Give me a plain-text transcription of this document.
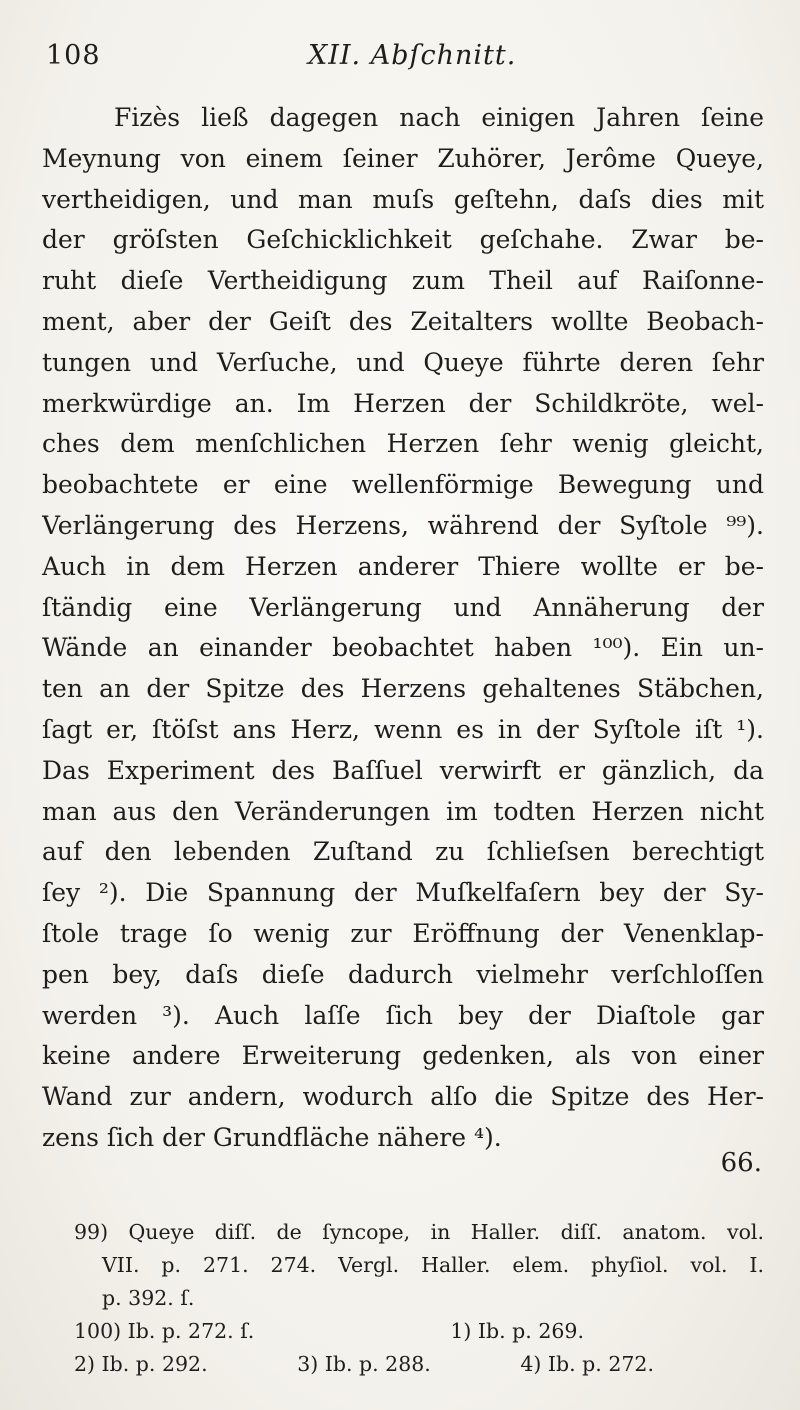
108	XII. Abſchnitt.
Fizès ließ dagegen nach einigen Jahren ſeine
Meynung von einem ſeiner Zuhörer, Jerôme Queye,
vertheidigen, und man muſs geſtehn, daſs dies mit
der gröſsten Geſchicklichkeit geſchahe. Zwar be-
ruht dieſe Vertheidigung zum Theil auf Raiſonne-
ment, aber der Geiſt des Zeitalters wollte Beobach-
tungen und Verſuche, und Queye führte deren ſehr
merkwürdige an. Im Herzen der Schildkröte, wel-
ches dem menſchlichen Herzen ſehr wenig gleicht,
beobachtete er eine wellenförmige Bewegung und
Verlängerung des Herzens, während der Syſtole ⁹⁹).
Auch in dem Herzen anderer Thiere wollte er be-
ſtändig eine Verlängerung und Annäherung der
Wände an einander beobachtet haben ¹⁰⁰). Ein un-
ten an der Spitze des Herzens gehaltenes Stäbchen,
ſagt er, ſtöſst ans Herz, wenn es in der Syſtole iſt ¹).
Das Experiment des Baſſuel verwirft er gänzlich, da
man aus den Veränderungen im todten Herzen nicht
auf den lebenden Zuſtand zu ſchlieſsen berechtigt
ſey ²). Die Spannung der Muſkelfaſern bey der Sy-
ſtole trage ſo wenig zur Eröffnung der Venenklap-
pen bey, daſs dieſe dadurch vielmehr verſchloſſen
werden ³). Auch laſſe ſich bey der Diaſtole gar
keine andere Erweiterung gedenken, als von einer
Wand zur andern, wodurch alſo die Spitze des Her-
zens ſich der Grundfläche nähere ⁴).
66.
99) Queye diſſ. de ſyncope, in Haller. diſſ. anatom. vol.
VII. p. 271. 274. Vergl. Haller. elem. phyſiol. vol. I.
p. 392. ſ.
100) Ib. p. 272. ſ.	1) Ib. p. 269.
2) Ib. p. 292.	3) Ib. p. 288.	4) Ib. p. 272.
